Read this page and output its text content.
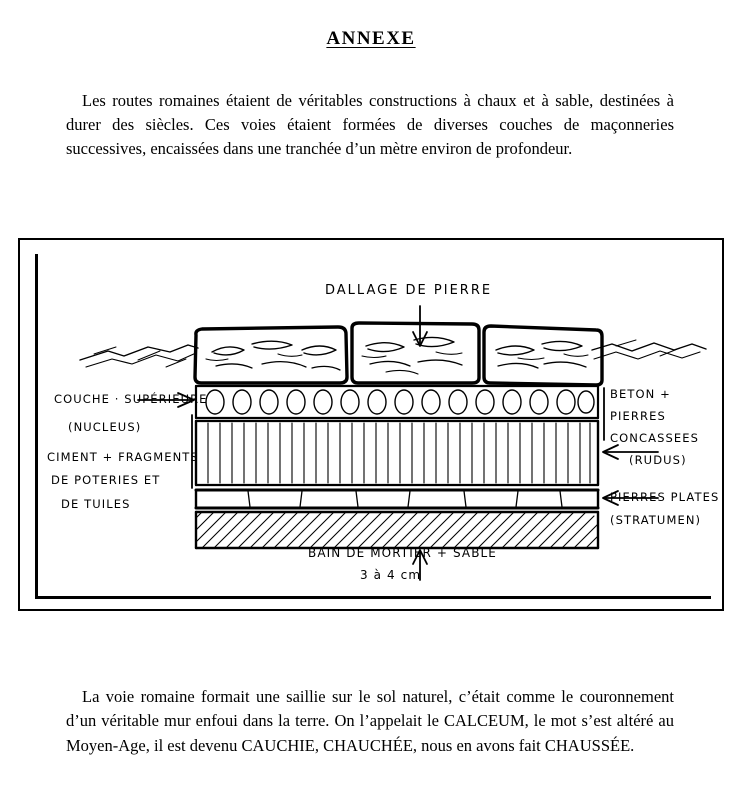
ANNEXE

Les routes romaines étaient de véritables constructions à chaux et à sable, destinées à durer des siècles. Ces voies étaient formées de diverses couches de maçonneries successives, encaissées dans une tranchée d’un mètre environ de profondeur.

DALLAGE DE PIERRE
COUCHE · SUPÉRIEURE
(NUCLEUS)
CIMENT + FRAGMENTS
DE POTERIES ET
DE TUILES
BETON +
PIERRES
CONCASSEES
(RUDUS)
PIERRES PLATES
(STRATUMEN)
BAIN DE MORTIER + SABLE
3 à 4 cm

La voie romaine formait une saillie sur le sol naturel, c’était comme le couronnement d’un véritable mur enfoui dans la terre. On l’appelait le CALCEUM, le mot s’est altéré au Moyen-Age, il est devenu CAUCHIE, CHAUCHÉE, nous en avons fait CHAUSSÉE.
